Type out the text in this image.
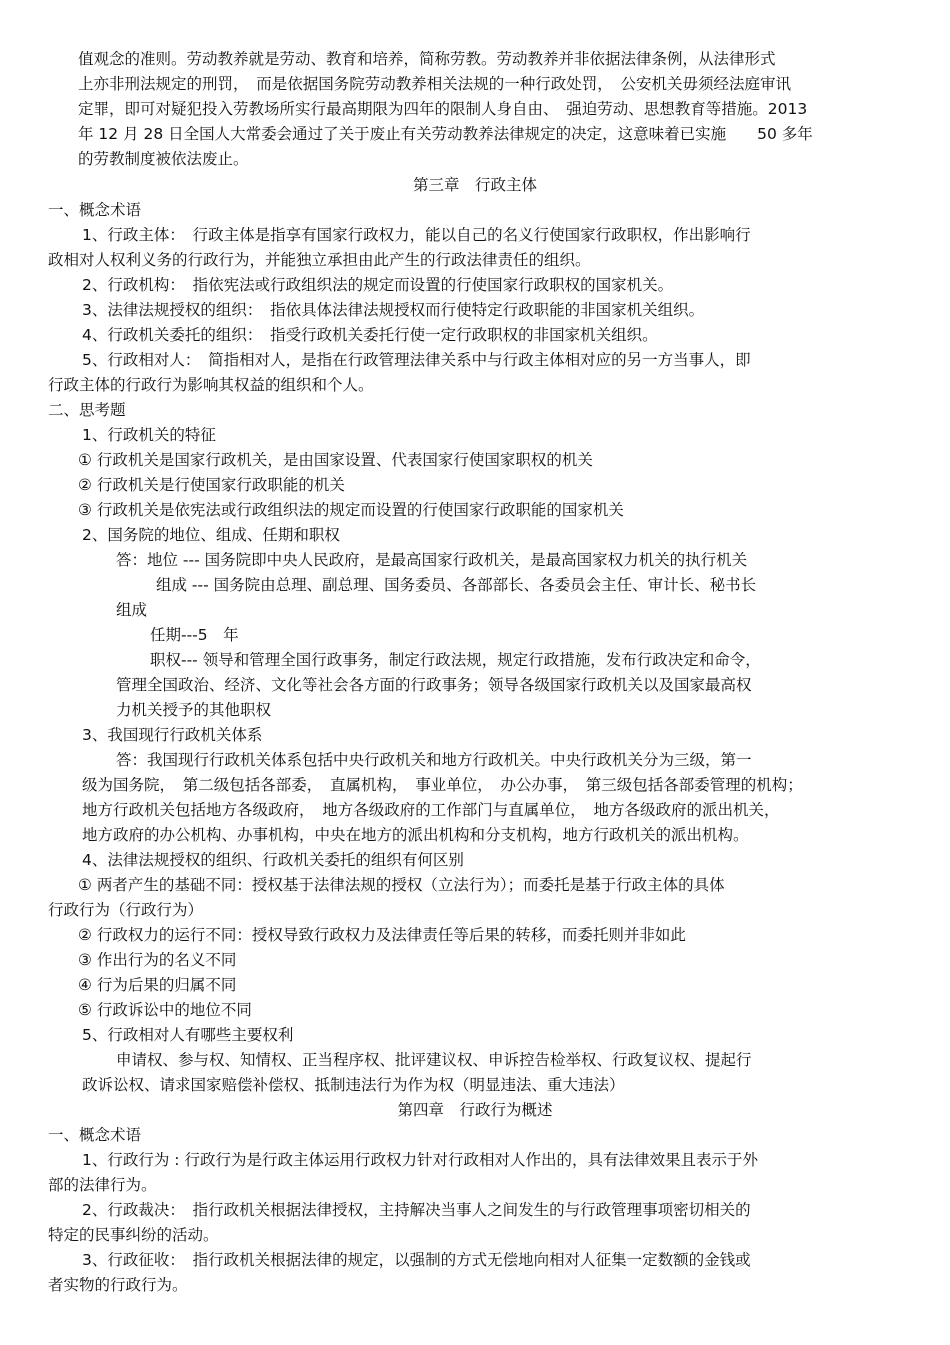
值观念的准则。劳动教养就是劳动、教育和培养，简称劳教。劳动教养并非依据法律条例，从法律形式
上亦非刑法规定的刑罚，　而是依据国务院劳动教养相关法规的一种行政处罚，　公安机关毋须经法庭审讯
定罪，即可对疑犯投入劳教场所实行最高期限为四年的限制人身自由、　强迫劳动、思想教育等措施。2013
年 12 月 28 日全国人大常委会通过了关于废止有关劳动教养法律规定的决定，这意味着已实施　　50 多年
的劳教制度被依法废止。
第三章　行政主体
一、概念术语
1、行政主体：　行政主体是指享有国家行政权力，能以自己的名义行使国家行政职权，作出影响行
政相对人权利义务的行政行为，并能独立承担由此产生的行政法律责任的组织。
2、行政机构：　指依宪法或行政组织法的规定而设置的行使国家行政职权的国家机关。
3、法律法规授权的组织：　指依具体法律法规授权而行使特定行政职能的非国家机关组织。
4、行政机关委托的组织：　指受行政机关委托行使一定行政职权的非国家机关组织。
5、行政相对人：　简指相对人，是指在行政管理法律关系中与行政主体相对应的另一方当事人，即
行政主体的行政行为影响其权益的组织和个人。
二、思考题
1、行政机关的特征
① 行政机关是国家行政机关，是由国家设置、代表国家行使国家职权的机关
② 行政机关是行使国家行政职能的机关
③ 行政机关是依宪法或行政组织法的规定而设置的行使国家行政职能的国家机关
2、国务院的地位、组成、任期和职权
答：地位 --- 国务院即中央人民政府，是最高国家行政机关，是最高国家权力机关的执行机关
组成 --- 国务院由总理、副总理、国务委员、各部部长、各委员会主任、审计长、秘书长
组成
任期---5　年
职权--- 领导和管理全国行政事务，制定行政法规，规定行政措施，发布行政决定和命令，
管理全国政治、经济、文化等社会各方面的行政事务；领导各级国家行政机关以及国家最高权
力机关授予的其他职权
3、我国现行行政机关体系
答：我国现行行政机关体系包括中央行政机关和地方行政机关。中央行政机关分为三级，第一
级为国务院，　第二级包括各部委，　直属机构，　事业单位，　办公办事，　第三级包括各部委管理的机构；
地方行政机关包括地方各级政府，　地方各级政府的工作部门与直属单位，　地方各级政府的派出机关，
地方政府的办公机构、办事机构，中央在地方的派出机构和分支机构，地方行政机关的派出机构。
4、法律法规授权的组织、行政机关委托的组织有何区别
① 两者产生的基础不同：授权基于法律法规的授权（立法行为）；而委托是基于行政主体的具体
行政行为（行政行为）
② 行政权力的运行不同：授权导致行政权力及法律责任等后果的转移，而委托则并非如此
③ 作出行为的名义不同
④ 行为后果的归属不同
⑤ 行政诉讼中的地位不同
5、行政相对人有哪些主要权利
申请权、参与权、知情权、正当程序权、批评建议权、申诉控告检举权、行政复议权、提起行
政诉讼权、请求国家赔偿补偿权、抵制违法行为作为权（明显违法、重大违法）
第四章　行政行为概述
一、概念术语
1、行政行为 : 行政行为是行政主体运用行政权力针对行政相对人作出的，具有法律效果且表示于外
部的法律行为。
2、行政裁决：　指行政机关根据法律授权，主持解决当事人之间发生的与行政管理事项密切相关的
特定的民事纠纷的活动。
3、行政征收：　指行政机关根据法律的规定，以强制的方式无偿地向相对人征集一定数额的金钱或
者实物的行政行为。
